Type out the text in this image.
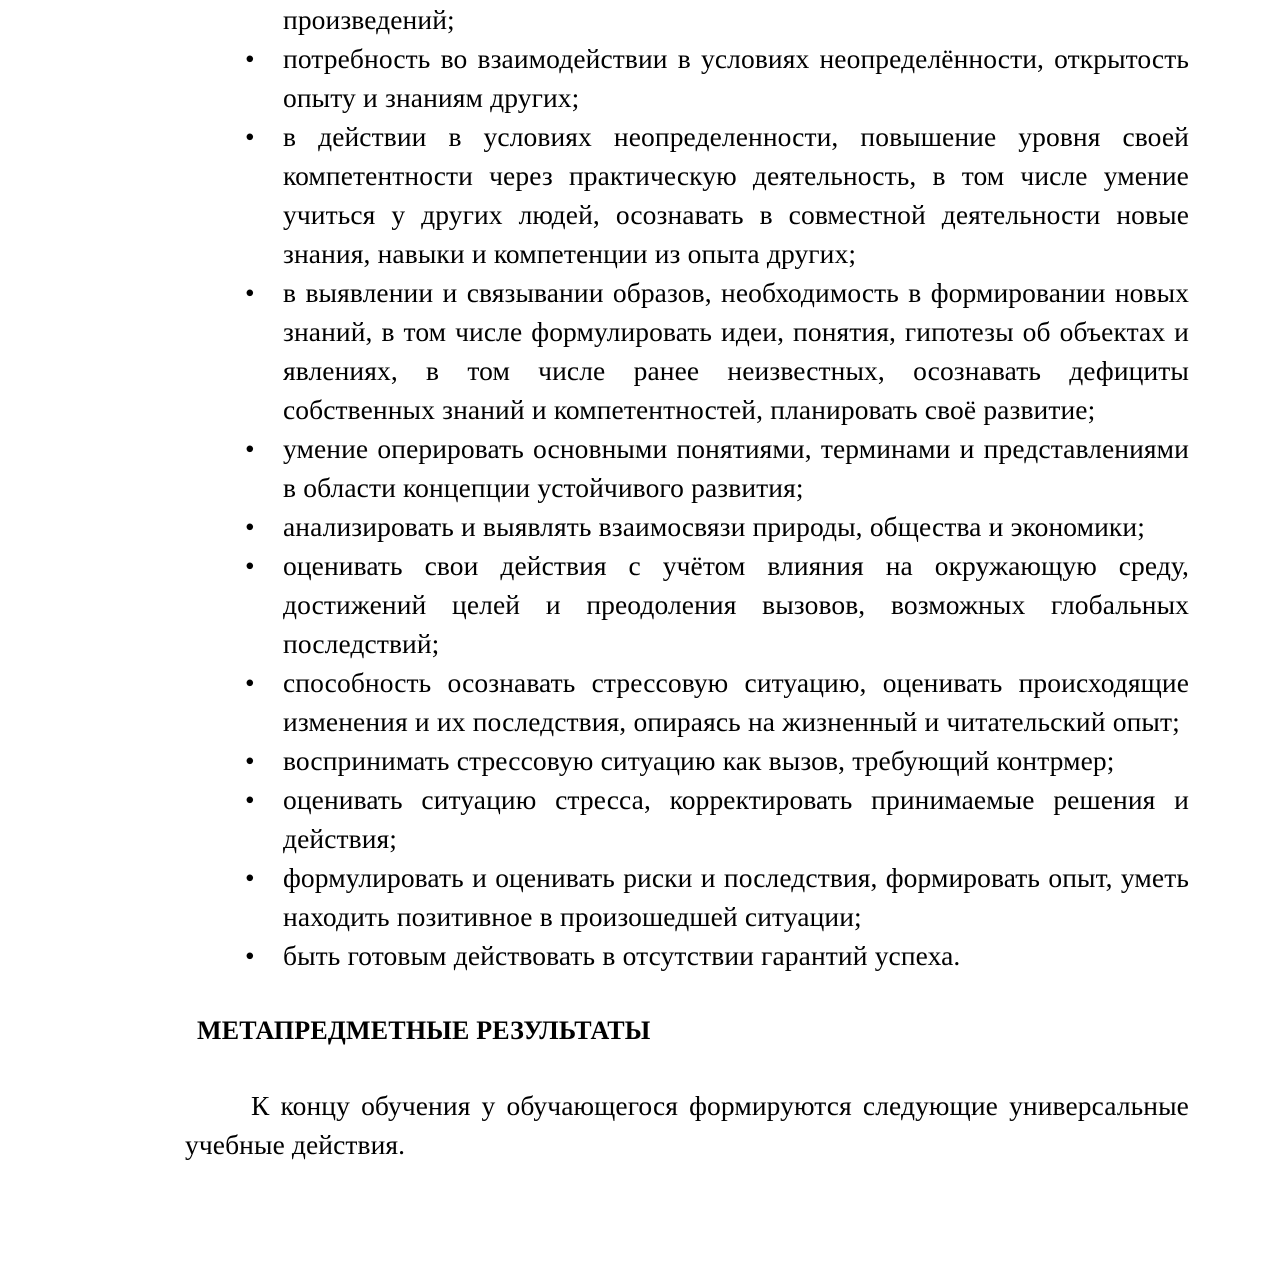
произведений;

• потребность во взаимодействии в условиях неопределённости, открытость опыту и знаниям других;
• в действии в условиях неопределенности, повышение уровня своей компетентности через практическую деятельность, в том числе умение учиться у других людей, осознавать в совместной деятельности новые знания, навыки и компетенции из опыта других;
• в выявлении и связывании образов, необходимость в формировании новых знаний, в том числе формулировать идеи, понятия, гипотезы об объектах и явлениях, в том числе ранее неизвестных, осознавать дефициты собственных знаний и компетентностей, планировать своё развитие;
• умение оперировать основными понятиями, терминами и представлениями в области концепции устойчивого развития;
• анализировать и выявлять взаимосвязи природы, общества и экономики;
• оценивать свои действия с учётом влияния на окружающую среду, достижений целей и преодоления вызовов, возможных глобальных последствий;
• способность осознавать стрессовую ситуацию, оценивать происходящие изменения и их последствия, опираясь на жизненный и читательский опыт;
• воспринимать стрессовую ситуацию как вызов, требующий контрмер;
• оценивать ситуацию стресса, корректировать принимаемые решения и действия;
• формулировать и оценивать риски и последствия, формировать опыт, уметь находить позитивное в произошедшей ситуации;
• быть готовым действовать в отсутствии гарантий успеха.
МЕТАПРЕДМЕТНЫЕ РЕЗУЛЬТАТЫ

К концу обучения у обучающегося формируются следующие универсальные учебные действия.
